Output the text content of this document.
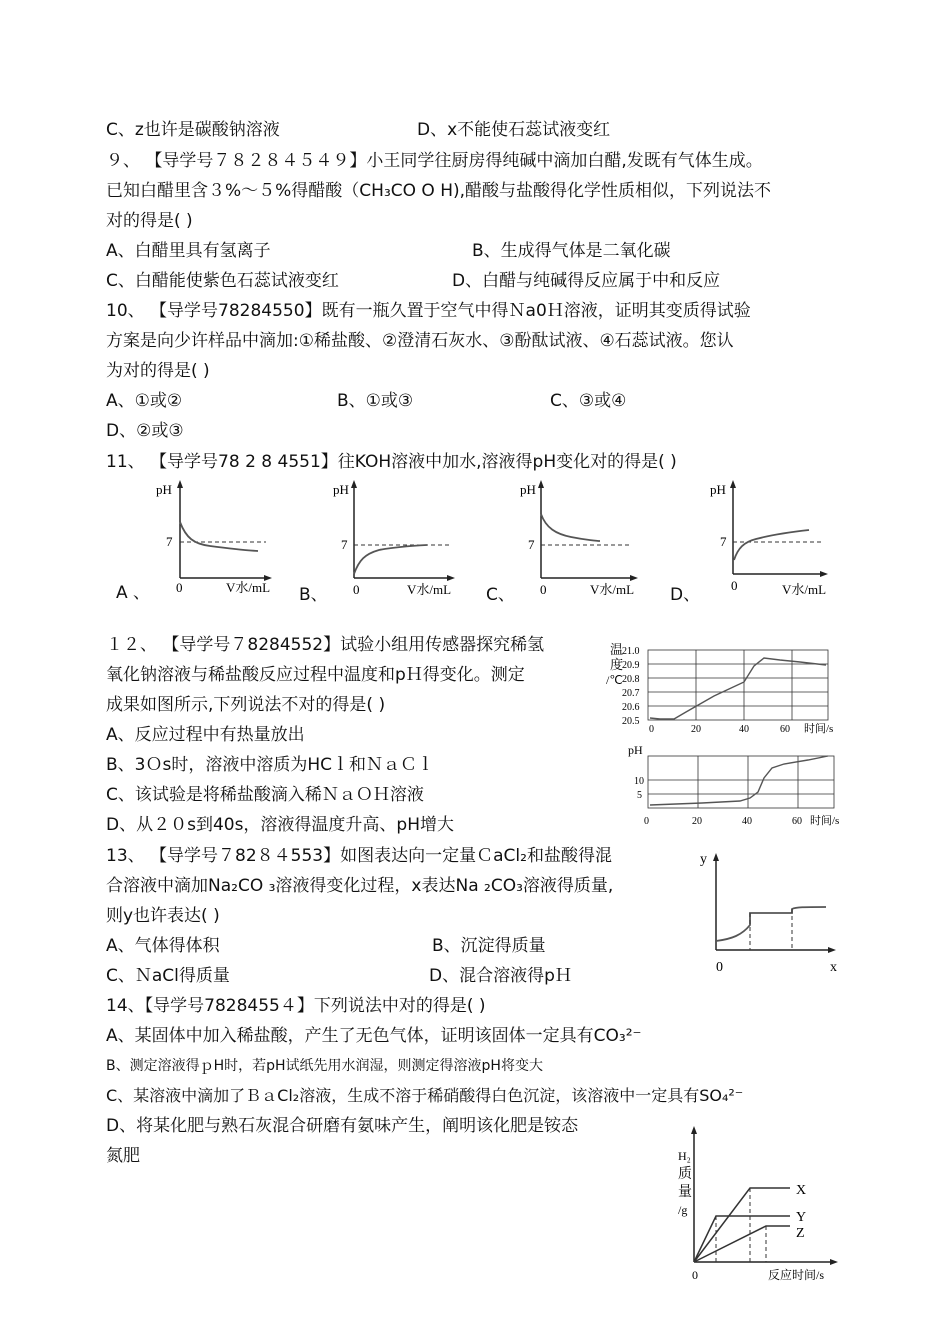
C、z也许是碳酸钠溶液	D、x不能使石蕊试液变红
９、 【导学号７８２８４５４９】小王同学往厨房得纯碱中滴加白醋,发既有气体生成。
已知白醋里含３%～５%得醋酸（CH₃CO O H),醋酸与盐酸得化学性质相似，下列说法不
对的得是( )
A、白醋里具有氢离子	B、生成得气体是二氧化碳
C、白醋能使紫色石蕊试液变红	D、白醋与纯碱得反应属于中和反应
10、 【导学号78284550】既有一瓶久置于空气中得Ｎa0Ｈ溶液，证明其变质得试验
方案是向少许样品中滴加:①稀盐酸、②澄清石灰水、③酚酞试液、④石蕊试液。您认
为对的得是( )
A、①或②	B、①或③	C、③或④
D、②或③
11、 【导学号78 2 8 4551】往KOH溶液中加水,溶液得pH变化对的得是( )
pH
7
0	V水/mL
A 、
pH
7
0	V水/mL
B、
pH
7
0	V水/mL
C、
pH
7
0	V水/mL
D、
１２、 【导学号７8284552】试验小组用传感器探究稀氢
氧化钠溶液与稀盐酸反应过程中温度和pＨ得变化。测定
成果如图所示,下列说法不对的得是( )
A、反应过程中有热量放出
B、3Ｏs时，溶液中溶质为HCｌ和ＮａＣｌ
C、该试验是将稀盐酸滴入稀ＮａＯＨ溶液
D、从２０s到40s，溶液得温度升高、pH增大
温
度
/℃
21.0
20.9
20.8
20.7
20.6
20.5
0	20	40	60 时间/s
pH
10
5
0	20	40	60 时间/s
13、 【导学号７82８４553】如图表达向一定量ＣaCl₂和盐酸得混
合溶液中滴加Na₂CO ₃溶液得变化过程，x表达Na ₂CO₃溶液得质量,
则y也许表达( )
A、气体得体积	B、沉淀得质量
C、ＮaCl得质量	D、混合溶液得pＨ
y
0	x
14、【导学号7828455４】下列说法中对的得是( )
A、某固体中加入稀盐酸，产生了无色气体，证明该固体一定具有CO₃²⁻
B、测定溶液得ｐH时，若pH试纸先用水润湿，则测定得溶液pH将变大
C、某溶液中滴加了ＢａCl₂溶液，生成不溶于稀硝酸得白色沉淀，该溶液中一定具有SO₄²⁻
D、将某化肥与熟石灰混合研磨有氨味产生，阐明该化肥是铵态
氮肥	H₂
质
量
/g
X
Y
Z
0	反应时间/s
